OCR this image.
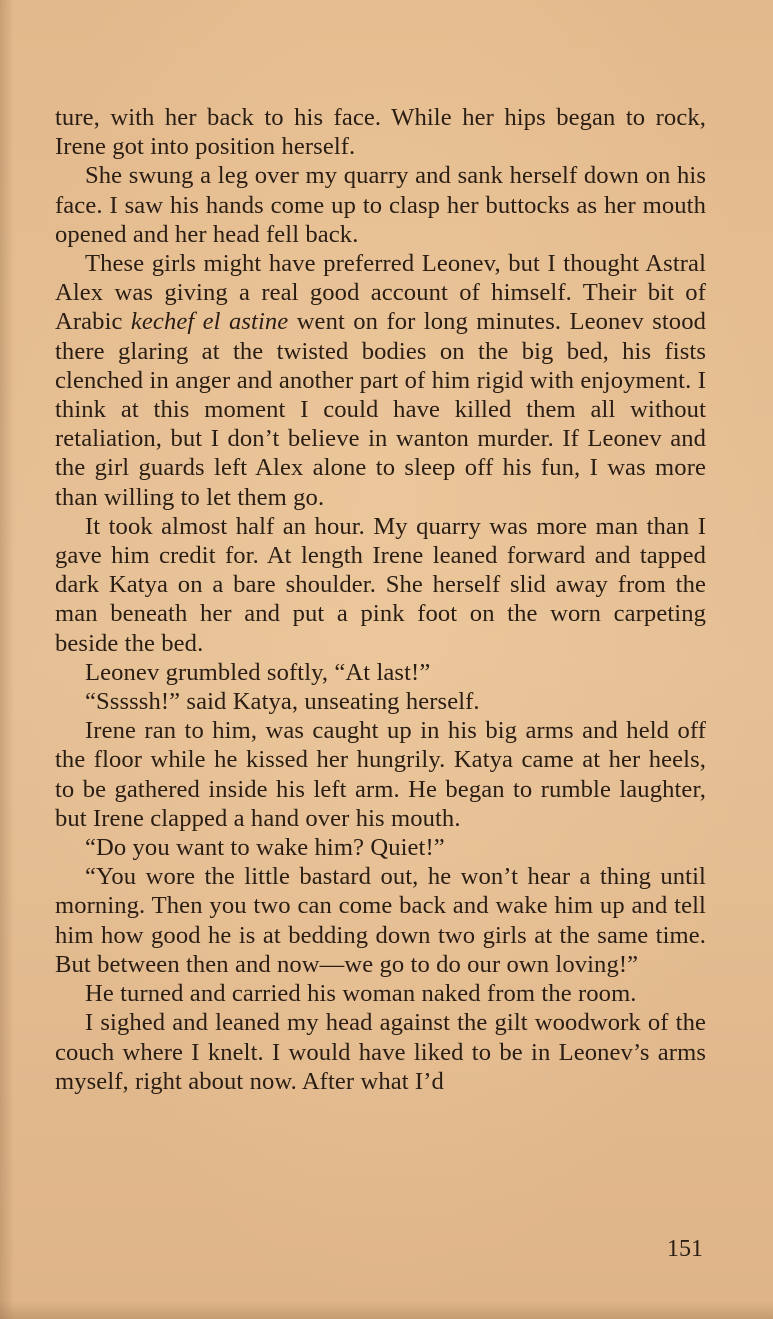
ture, with her back to his face. While her hips began to rock, Irene got into position herself.

She swung a leg over my quarry and sank herself down on his face. I saw his hands come up to clasp her buttocks as her mouth opened and her head fell back.

These girls might have preferred Leonev, but I thought Astral Alex was giving a real good account of himself. Their bit of Arabic kechef el astine went on for long minutes. Leonev stood there glaring at the twisted bodies on the big bed, his fists clenched in anger and another part of him rigid with enjoyment. I think at this moment I could have killed them all without retaliation, but I don’t believe in wanton murder. If Leonev and the girl guards left Alex alone to sleep off his fun, I was more than willing to let them go.

It took almost half an hour. My quarry was more man than I gave him credit for. At length Irene leaned forward and tapped dark Katya on a bare shoulder. She herself slid away from the man beneath her and put a pink foot on the worn carpeting beside the bed.

Leonev grumbled softly, “At last!”

“Sssssh!” said Katya, unseating herself.

Irene ran to him, was caught up in his big arms and held off the floor while he kissed her hungrily. Katya came at her heels, to be gathered inside his left arm. He began to rumble laughter, but Irene clapped a hand over his mouth.

“Do you want to wake him? Quiet!”

“You wore the little bastard out, he won’t hear a thing until morning. Then you two can come back and wake him up and tell him how good he is at bedding down two girls at the same time. But between then and now—we go to do our own loving!”

He turned and carried his woman naked from the room.

I sighed and leaned my head against the gilt woodwork of the couch where I knelt. I would have liked to be in Leonev’s arms myself, right about now. After what I’d

151
